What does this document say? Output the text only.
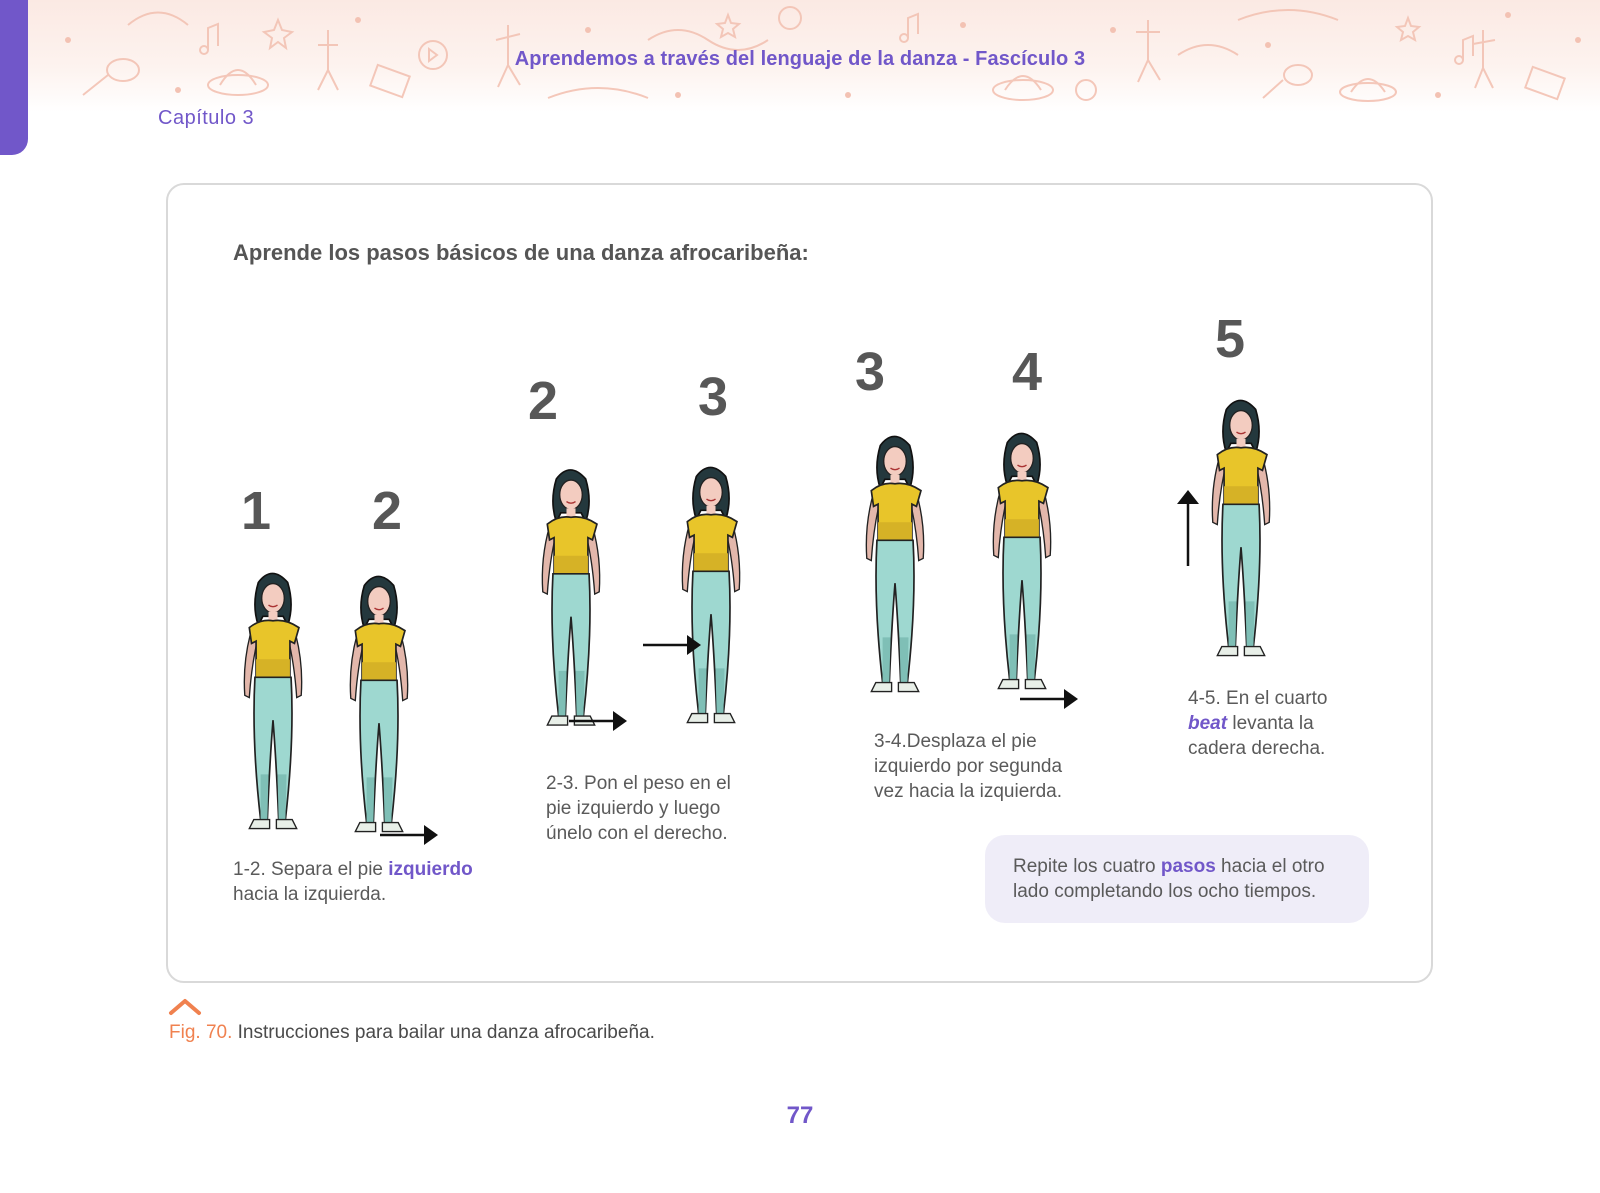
Aprendemos a través del lenguaje de la danza - Fascículo 3
Capítulo 3
Aprende los pasos básicos de una danza afrocaribeña:
1 2
2	3 3 4
5
1-2. Separa el pie izquierdo
hacia la izquierda.
2-3. Pon el peso en el
pie izquierdo y luego
únelo con el derecho.
3-4.Desplaza el pie
izquierdo por segunda
vez hacia la izquierda.
4-5. En el cuarto
beat levanta la
cadera derecha.
Repite los cuatro pasos hacia el otro
lado completando los ocho tiempos.
Fig. 70. Instrucciones para bailar una danza afrocaribeña.
77
